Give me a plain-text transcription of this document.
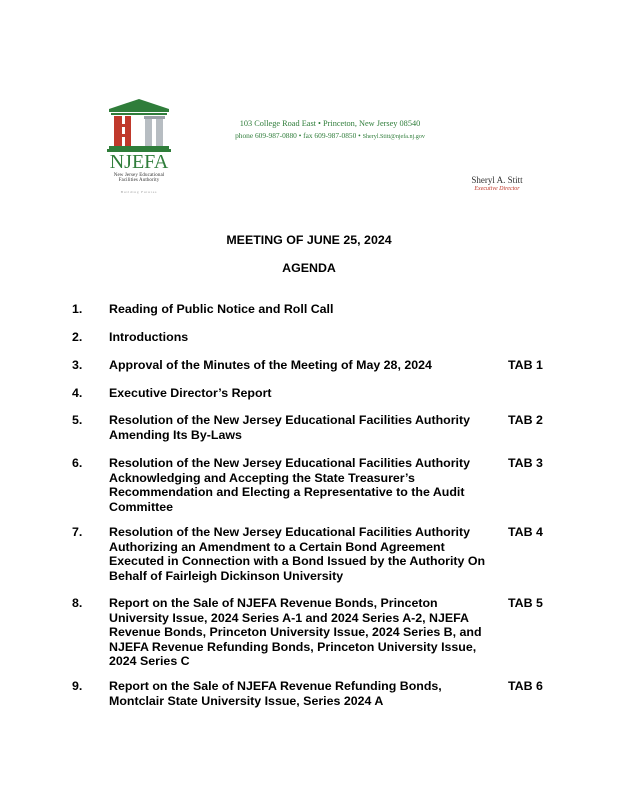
NJEFA
New Jersey Educational
Facilities Authority
Building Futures
103 College Road East • Princeton, New Jersey 08540
phone 609-987-0880 • fax 609-987-0850 • Sheryl.Stitt@njefa.nj.gov
Sheryl A. Stitt
Executive Director
MEETING OF JUNE 25, 2024
AGENDA
1. Reading of Public Notice and Roll Call
2. Introductions
3. Approval of the Minutes of the Meeting of May 28, 2024	TAB 1
4. Executive Director’s Report
5. Resolution of the New Jersey Educational Facilities Authority Amending Its By-Laws
TAB 2
6. Resolution of the New Jersey Educational Facilities Authority Acknowledging and Accepting the State Treasurer’s Recommendation and Electing a Representative to the Audit Committee
TAB 3
7. Resolution of the New Jersey Educational Facilities Authority Authorizing an Amendment to a Certain Bond Agreement Executed in Connection with a Bond Issued by the Authority On Behalf of Fairleigh Dickinson University
TAB 4
8. Report on the Sale of NJEFA Revenue Bonds, Princeton University Issue, 2024 Series A-1 and 2024 Series A-2, NJEFA Revenue Bonds, Princeton University Issue, 2024 Series B, and NJEFA Revenue Refunding Bonds, Princeton University Issue, 2024 Series C
TAB 5
9. Report on the Sale of NJEFA Revenue Refunding Bonds, Montclair State University Issue, Series 2024 A
TAB 6
